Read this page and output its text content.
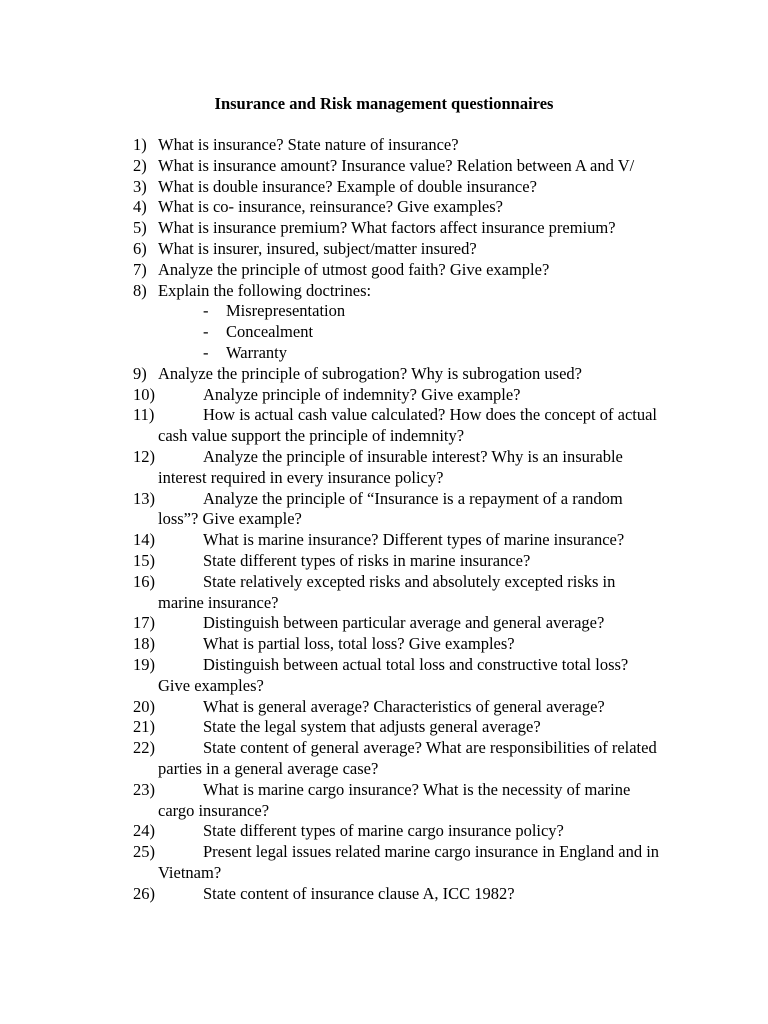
Insurance and Risk management questionnaires
1) What is insurance? State nature of insurance?
2) What is insurance amount? Insurance value? Relation between A and V/
3) What is double insurance? Example of double insurance?
4) What is co- insurance, reinsurance? Give examples?
5) What is insurance premium? What factors affect insurance premium?
6) What is insurer, insured, subject/matter insured?
7) Analyze the principle of utmost good faith? Give example?
8) Explain the following doctrines:
- Misrepresentation
- Concealment
- Warranty
9) Analyze the principle of subrogation? Why is subrogation used?
10)	Analyze principle of indemnity? Give example?
11)	How is actual cash value calculated? How does the concept of actual cash value support the principle of indemnity?
12)	Analyze the principle of insurable interest? Why is an insurable interest required in every insurance policy?
13)	Analyze the principle of “Insurance is a repayment of a random loss”? Give example?
14)	What is marine insurance? Different types of marine insurance?
15)	State different types of risks in marine insurance?
16)	State relatively excepted risks and absolutely excepted risks in marine insurance?
17)	Distinguish between particular average and general average?
18)	What is partial loss, total loss? Give examples?
19)	Distinguish between actual total loss and constructive total loss? Give examples?
20)	What is general average? Characteristics of general average?
21)	State the legal system that adjusts general average?
22)	State content of general average? What are responsibilities of related parties in a general average case?
23)	What is marine cargo insurance? What is the necessity of marine cargo insurance?
24)	State different types of marine cargo insurance policy?
25)	Present legal issues related marine cargo insurance in England and in Vietnam?
26)	State content of insurance clause A, ICC 1982?
